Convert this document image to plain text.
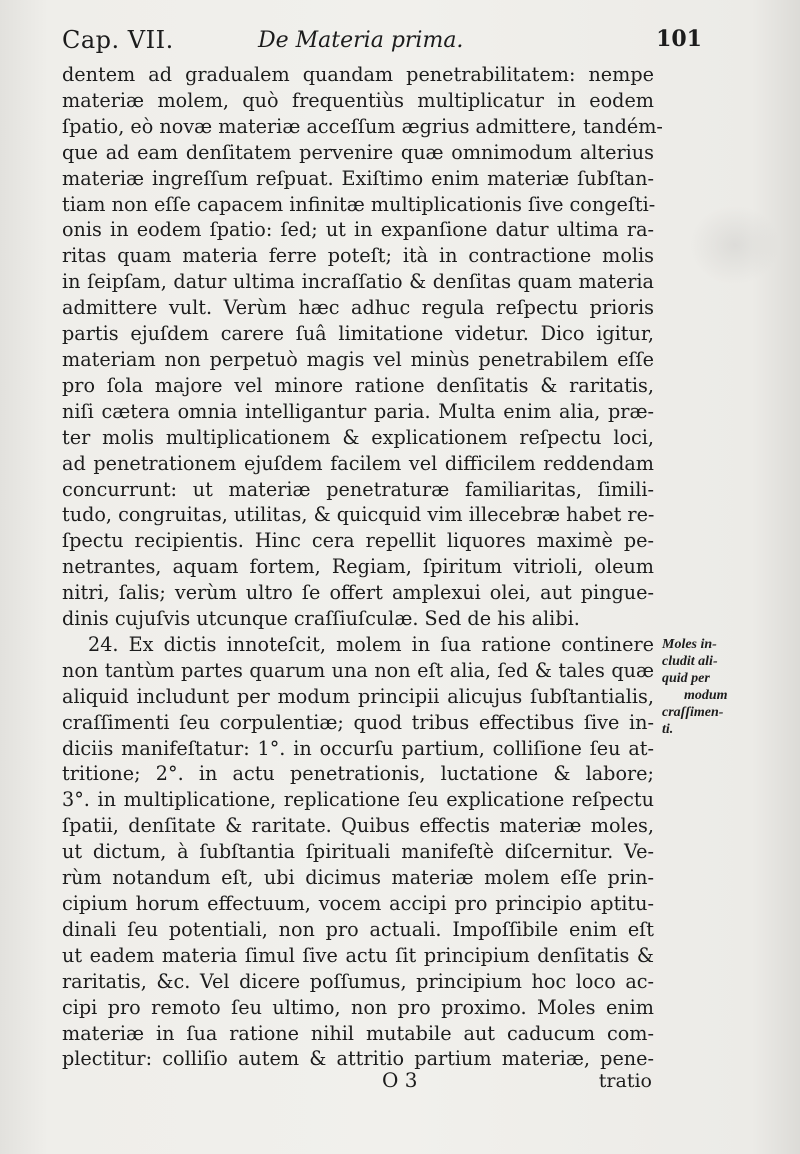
Cap. VII.	De Materia prima.	101
dentem ad gradualem quandam penetrabilitatem: nempe
materiæ molem, quò frequentiùs multiplicatur in eodem
ſpatio, eò novæ materiæ acceſſum ægrius admittere, tandém-
que ad eam denſitatem pervenire quæ omnimodum alterius
materiæ ingreſſum reſpuat. Exiſtimo enim materiæ ſubſtan-
tiam non eſſe capacem infinitæ multiplicationis ſive congeſti-
onis in eodem ſpatio: ſed; ut in expanſione datur ultima ra-
ritas quam materia ferre poteſt; ità in contractione molis
in ſeipſam, datur ultima incraſſatio & denſitas quam materia
admittere vult. Verùm hæc adhuc regula reſpectu prioris
partis ejuſdem carere ſuâ limitatione videtur. Dico igitur,
materiam non perpetuò magis vel minùs penetrabilem eſſe
pro ſola majore vel minore ratione denſitatis & raritatis,
niſi cætera omnia intelligantur paria. Multa enim alia, præ-
ter molis multiplicationem & explicationem reſpectu loci,
ad penetrationem ejuſdem facilem vel difficilem reddendam
concurrunt: ut materiæ penetraturæ familiaritas, ſimili-
tudo, congruitas, utilitas, & quicquid vim illecebræ habet re-
ſpectu recipientis. Hinc cera repellit liquores maximè pe-
netrantes, aquam fortem, Regiam, ſpiritum vitrioli, oleum
nitri, ſalis; verùm ultro ſe offert amplexui olei, aut pingue-
dinis cujuſvis utcunque craſſiuſculæ. Sed de his alibi.
24. Ex dictis innoteſcit, molem in ſua ratione continere
non tantùm partes quarum una non eſt alia, ſed & tales quæ
aliquid includunt per modum principii alicujus ſubſtantialis,
craſſimenti ſeu corpulentiæ; quod tribus effectibus ſive in-
diciis manifeſtatur: 1°. in occurſu partium, colliſione ſeu at-
tritione; 2°. in actu penetrationis, luctatione & labore;
3°. in multiplicatione, replicatione ſeu explicatione reſpectu
ſpatii, denſitate & raritate. Quibus effectis materiæ moles,
ut dictum, à ſubſtantia ſpirituali manifeſtè diſcernitur. Ve-
rùm notandum eſt, ubi dicimus materiæ molem eſſe prin-
cipium horum effectuum, vocem accipi pro principio aptitu-
dinali ſeu potentiali, non pro actuali. Impoſſibile enim eſt
ut eadem materia ſimul ſive actu ſit principium denſitatis &
raritatis, &c. Vel dicere poſſumus, principium hoc loco ac-
cipi pro remoto ſeu ultimo, non pro proximo. Moles enim
materiæ in ſua ratione nihil mutabile aut caducum com-
plectitur: colliſio autem & attritio partium materiæ, pene-
Moles in-
cludit ali-
quid per
modum
craſſimen-
ti.
O 3	tratio
